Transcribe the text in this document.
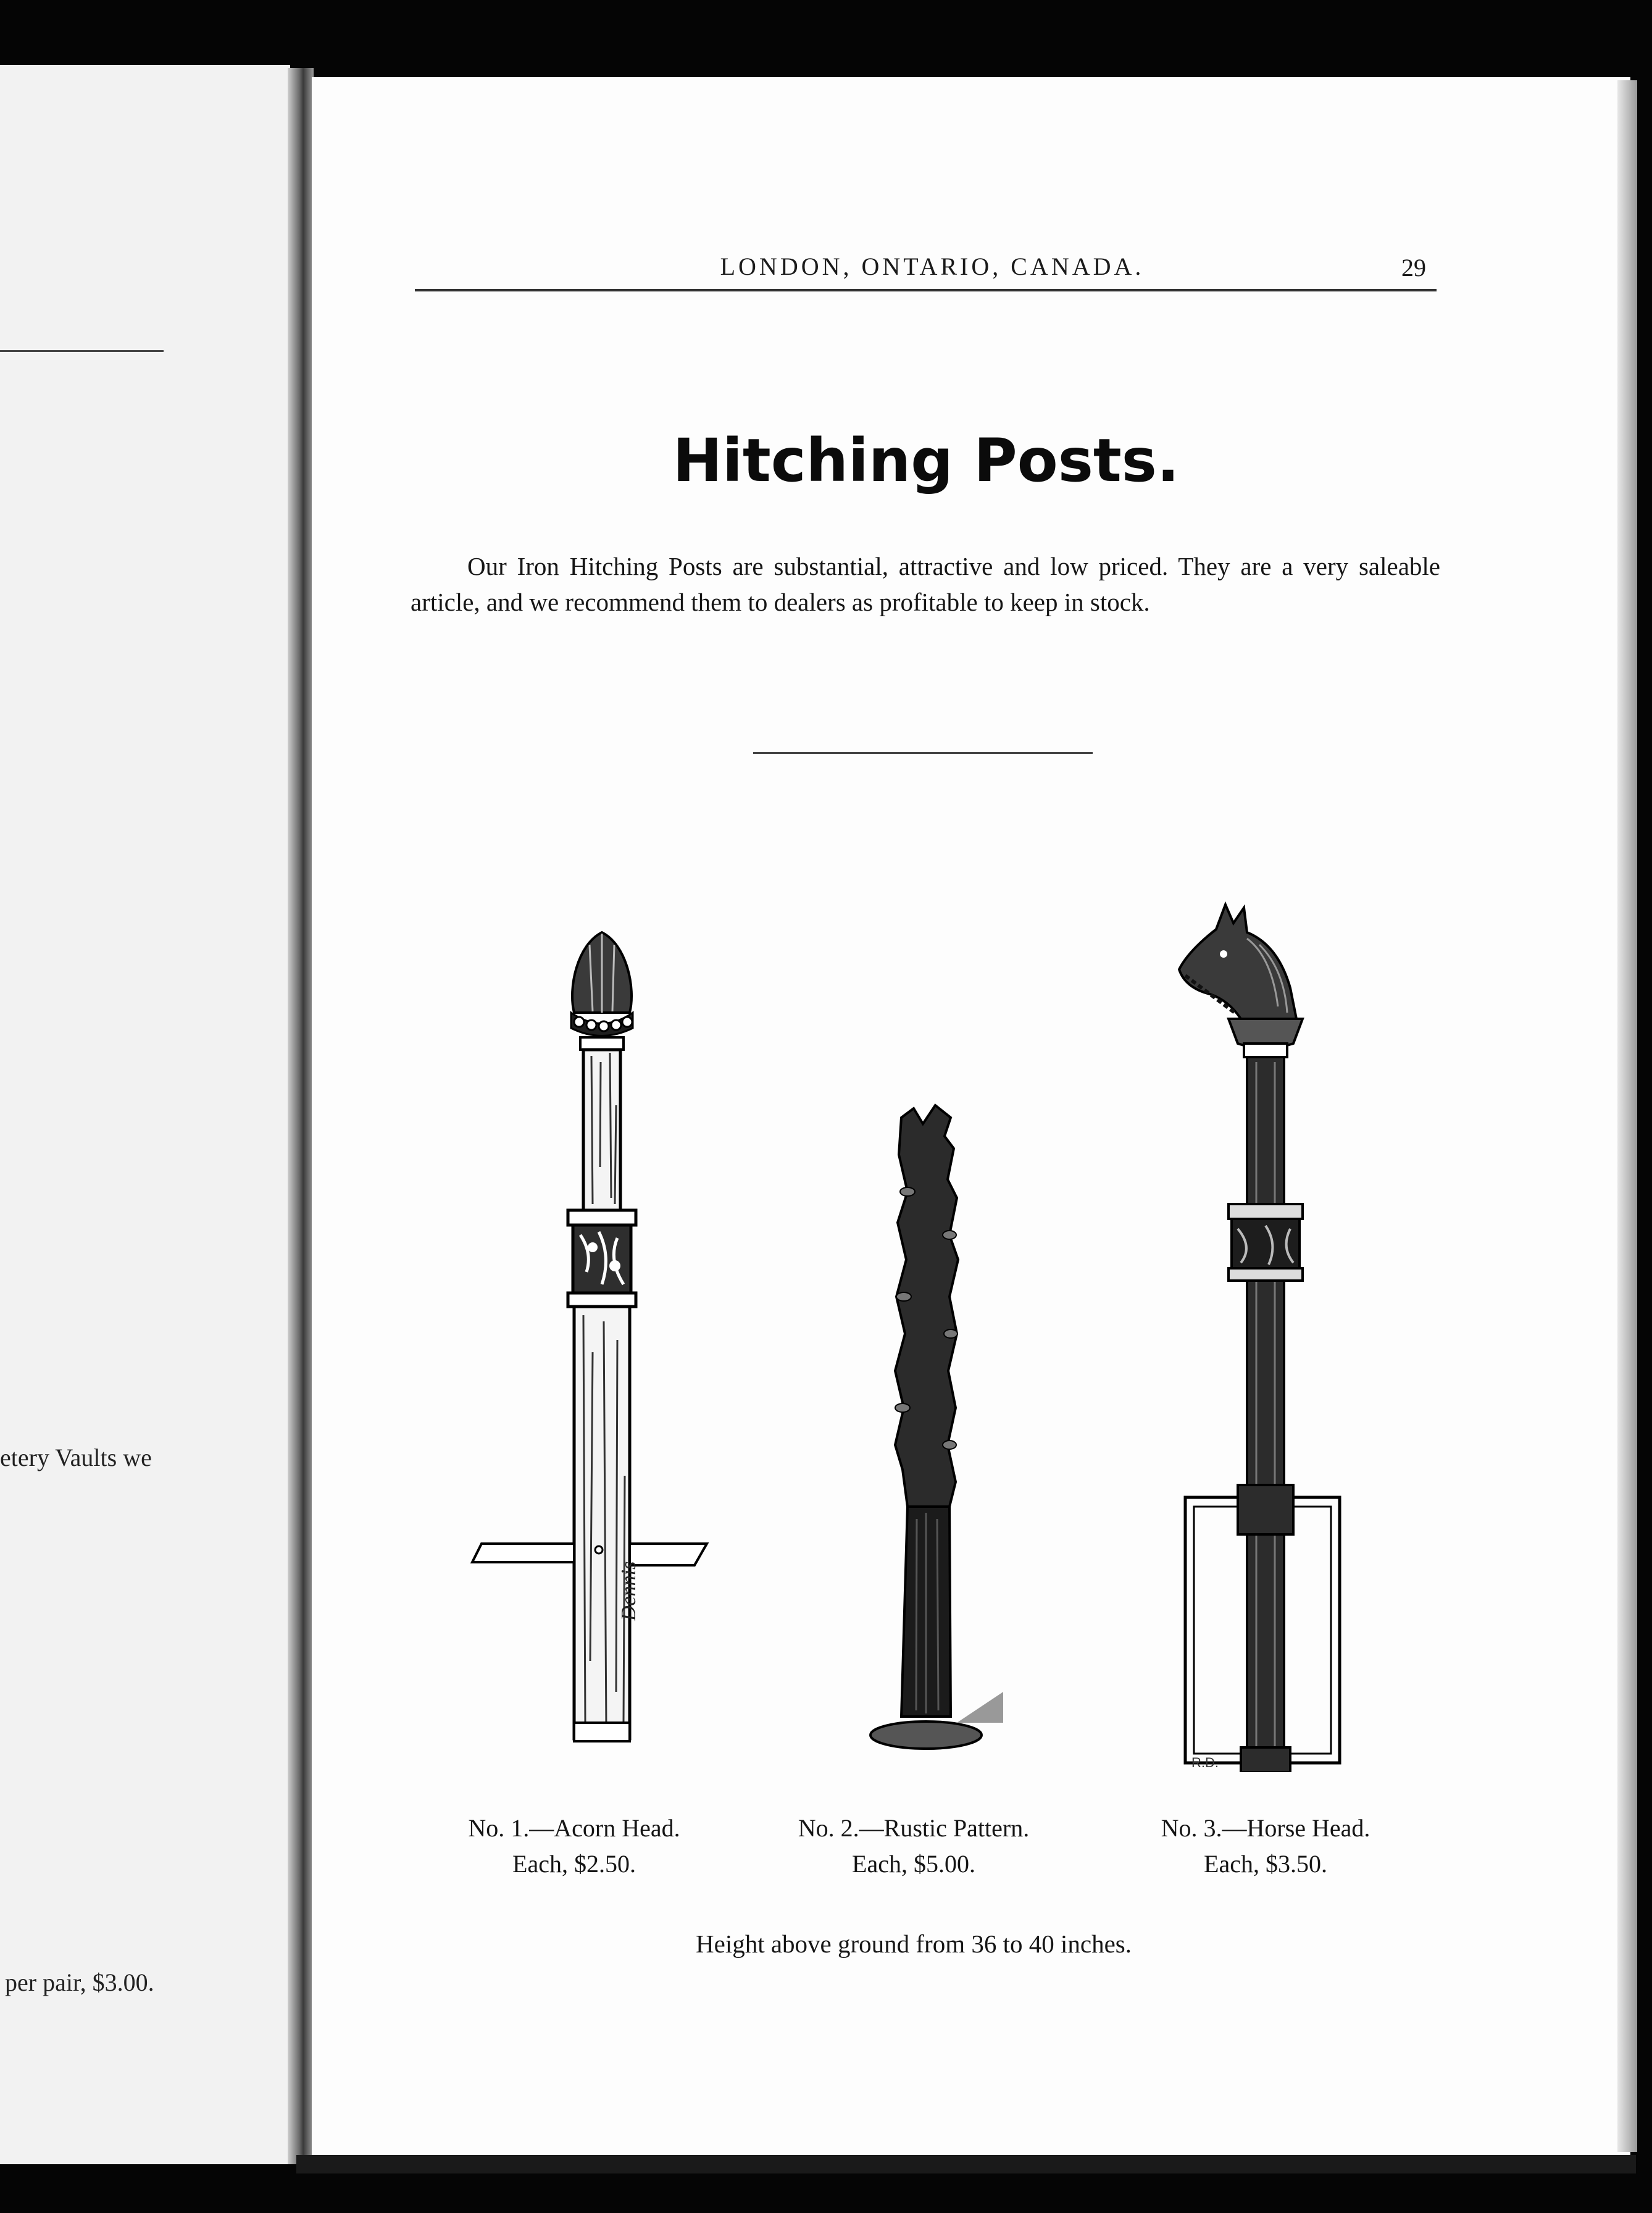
etery Vaults we
per pair, $3.00.
LONDON, ONTARIO, CANADA.	29
Hitching Posts.
Our Iron Hitching Posts are substantial, attractive and low priced. They are a very saleable article, and we recommend them to dealers as profitable to keep in stock.
Dennis
R.D.
No. 1.—Acorn Head.
Each, $2.50.
No. 2.—Rustic Pattern.
Each, $5.00.
No. 3.—Horse Head.
Each, $3.50.
Height above ground from 36 to 40 inches.
